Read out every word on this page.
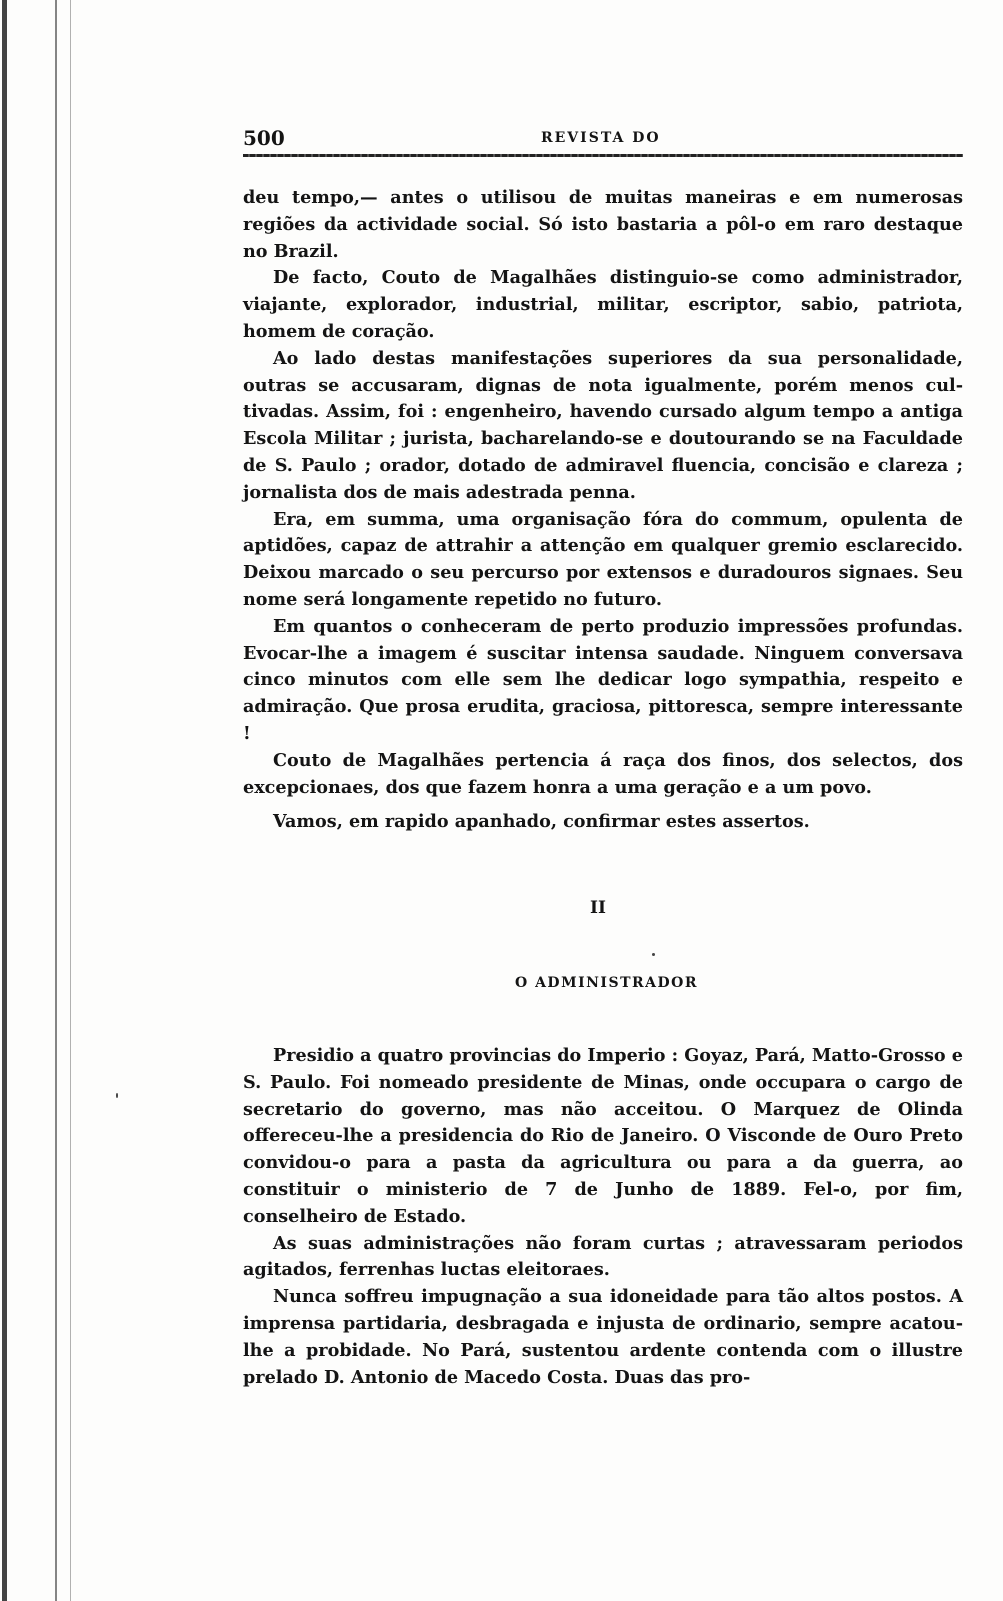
500	REVISTA DO

deu tempo,— antes o utilisou de muitas maneiras e em numerosas regiões da actividade social. Só isto bastaria a pôl-o em raro destaque no Brazil.

De facto, Couto de Magalhães distinguio-se como administrador, viajante, explorador, industrial, militar, escriptor, sabio, patriota, homem de coração.

Ao lado destas manifestações superiores da sua personalidade, outras se accusaram, dignas de nota igualmente, porém menos cultivadas. Assim, foi : engenheiro, havendo cursado algum tempo a antiga Escola Militar ; jurista, bacharelando-se e doutourando se na Faculdade de S. Paulo ; orador, dotado de admiravel fluencia, concisão e clareza ; jornalista dos de mais adestrada penna.

Era, em summa, uma organisação fóra do commum, opulenta de aptidões, capaz de attrahir a attenção em qualquer gremio esclarecido. Deixou marcado o seu percurso por extensos e duradouros signaes. Seu nome será longamente repetido no futuro.

Em quantos o conheceram de perto produzio impressões profundas. Evocar-lhe a imagem é suscitar intensa saudade. Ninguem conversava cinco minutos com elle sem lhe dedicar logo sympathia, respeito e admiração. Que prosa erudita, graciosa, pittoresca, sempre interessante !

Couto de Magalhães pertencia á raça dos finos, dos selectos, dos excepcionaes, dos que fazem honra a uma geração e a um povo.

Vamos, em rapido apanhado, confirmar estes assertos.

II
O ADMINISTRADOR

Presidio a quatro provincias do Imperio : Goyaz, Pará, Matto-Grosso e S. Paulo. Foi nomeado presidente de Minas, onde occupara o cargo de secretario do governo, mas não acceitou. O Marquez de Olinda offereceu-lhe a presidencia do Rio de Janeiro. O Visconde de Ouro Preto convidou-o para a pasta da agricultura ou para a da guerra, ao constituir o ministerio de 7 de Junho de 1889. Fel-o, por fim, conselheiro de Estado.

As suas administrações não foram curtas ; atravessaram periodos agitados, ferrenhas luctas eleitoraes.

Nunca soffreu impugnação a sua idoneidade para tão altos postos. A imprensa partidaria, desbragada e injusta de ordinario, sempre acatou-lhe a probidade. No Pará, sustentou ardente contenda com o illustre prelado D. Antonio de Macedo Costa. Duas das pro-
